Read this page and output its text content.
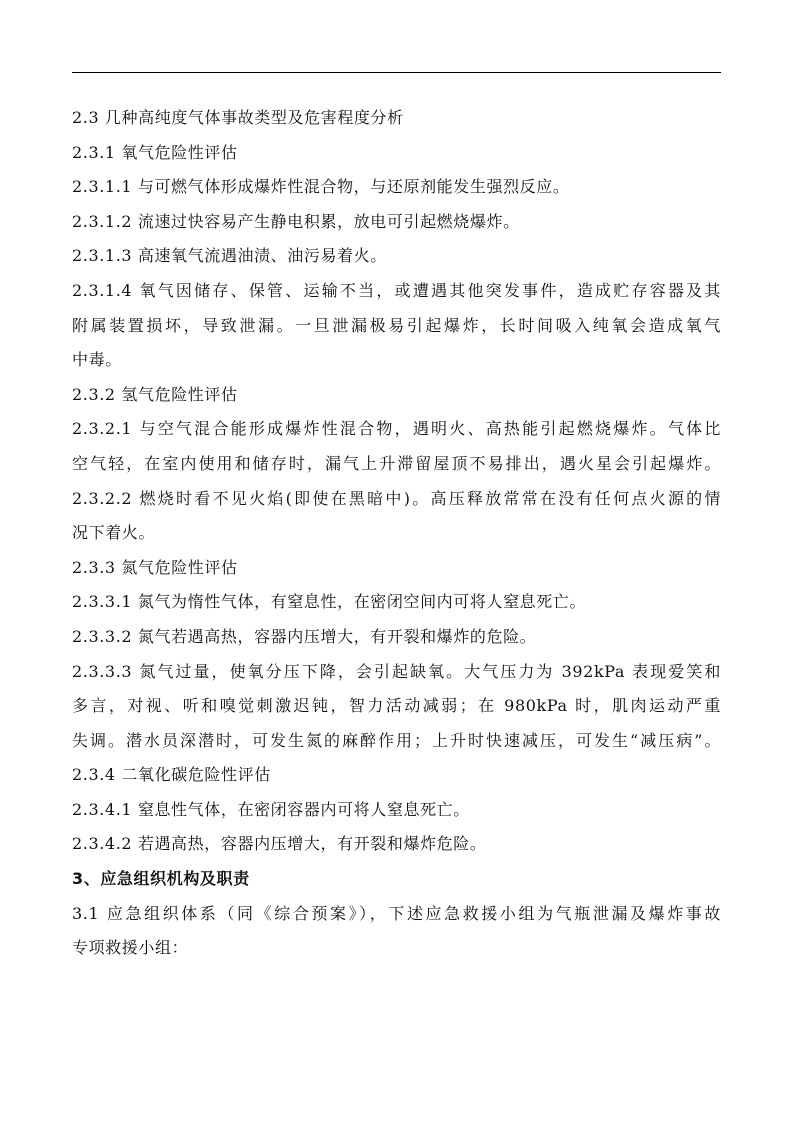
2.3 几种高纯度气体事故类型及危害程度分析
2.3.1 氧气危险性评估
2.3.1.1 与可燃气体形成爆炸性混合物，与还原剂能发生强烈反应。
2.3.1.2 流速过快容易产生静电积累，放电可引起燃烧爆炸。
2.3.1.3 高速氧气流遇油渍、油污易着火。
2.3.1.4 氧气因储存、保管、运输不当，或遭遇其他突发事件，造成贮存容器及其
附属装置损坏，导致泄漏。一旦泄漏极易引起爆炸，长时间吸入纯氧会造成氧气
中毒。
2.3.2 氢气危险性评估
2.3.2.1 与空气混合能形成爆炸性混合物，遇明火、高热能引起燃烧爆炸。气体比
空气轻，在室内使用和储存时，漏气上升滞留屋顶不易排出，遇火星会引起爆炸。
2.3.2.2 燃烧时看不见火焰(即使在黑暗中)。高压释放常常在没有任何点火源的情
况下着火。
2.3.3 氮气危险性评估
2.3.3.1 氮气为惰性气体，有窒息性，在密闭空间内可将人窒息死亡。
2.3.3.2 氮气若遇高热，容器内压增大，有开裂和爆炸的危险。
2.3.3.3 氮气过量，使氧分压下降，会引起缺氧。大气压力为 392kPa 表现爱笑和
多言，对视、听和嗅觉刺激迟钝，智力活动减弱；在 980kPa 时，肌肉运动严重
失调。潜水员深潜时，可发生氮的麻醉作用；上升时快速减压，可发生“减压病”。
2.3.4 二氧化碳危险性评估
2.3.4.1 窒息性气体，在密闭容器内可将人窒息死亡。
2.3.4.2 若遇高热，容器内压增大，有开裂和爆炸危险。
3、应急组织机构及职责
3.1 应急组织体系（同《综合预案》），下述应急救援小组为气瓶泄漏及爆炸事故
专项救援小组：
